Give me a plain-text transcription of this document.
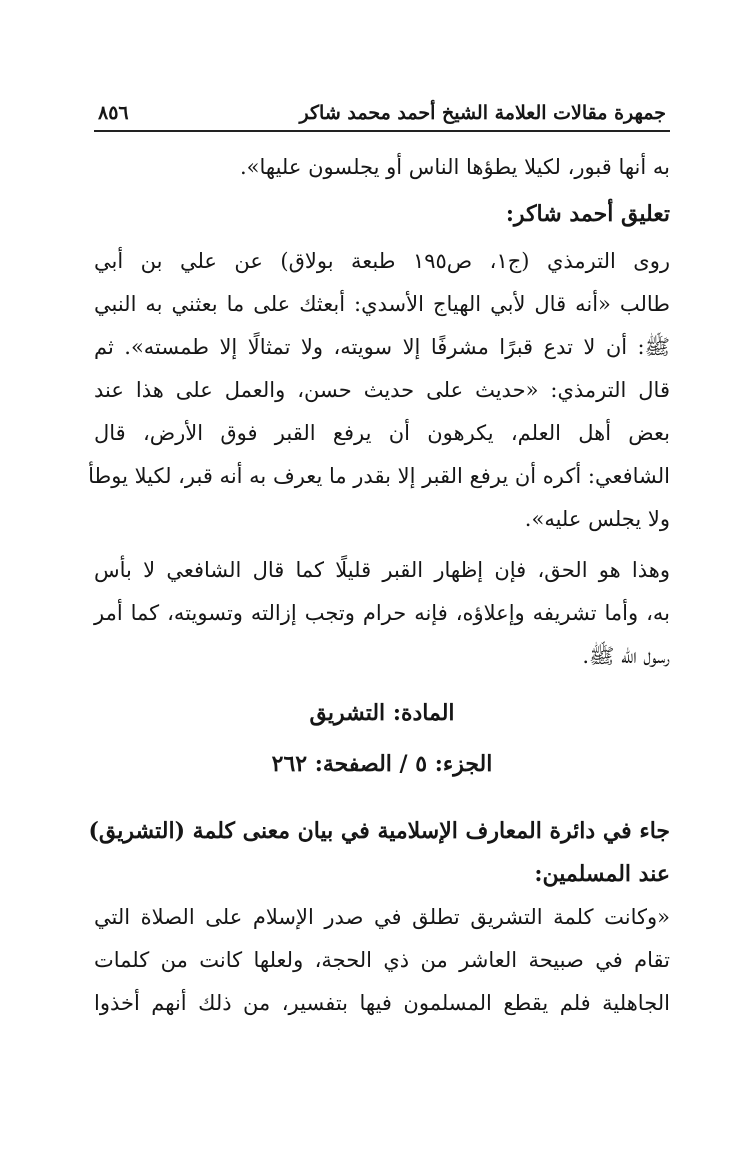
جمهرة مقالات العلامة الشيخ أحمد محمد شاكر
٨٥٦
به أنها قبور، لكيلا يطؤها الناس أو يجلسون عليها».
تعليق أحمد شاكر:
روى الترمذي (ج١، ص١٩٥ طبعة بولاق) عن علي بن أبي
طالب «أنه قال لأبي الهياج الأسدي: أبعثك على ما بعثني به النبي
ﷺ: أن لا تدع قبرًا مشرفًا إلا سويته، ولا تمثالًا إلا طمسته». ثم
قال الترمذي: «حديث على حديث حسن، والعمل على هذا عند
بعض أهل العلم، يكرهون أن يرفع القبر فوق الأرض، قال
الشافعي: أكره أن يرفع القبر إلا بقدر ما يعرف به أنه قبر، لكيلا يوطأ
ولا يجلس عليه».
وهذا هو الحق، فإن إظهار القبر قليلًا كما قال الشافعي لا بأس
به، وأما تشريفه وإعلاؤه، فإنه حرام وتجب إزالته وتسويته، كما أمر
رسول الله ﷺ.
المادة: التشريق
الجزء: ٥ / الصفحة: ٢٦٢
جاء في دائرة المعارف الإسلامية في بيان معنى كلمة (التشريق)
عند المسلمين:
«وكانت كلمة التشريق تطلق في صدر الإسلام على الصلاة التي
تقام في صبيحة العاشر من ذي الحجة، ولعلها كانت من كلمات
الجاهلية فلم يقطع المسلمون فيها بتفسير، من ذلك أنهم أخذوا
